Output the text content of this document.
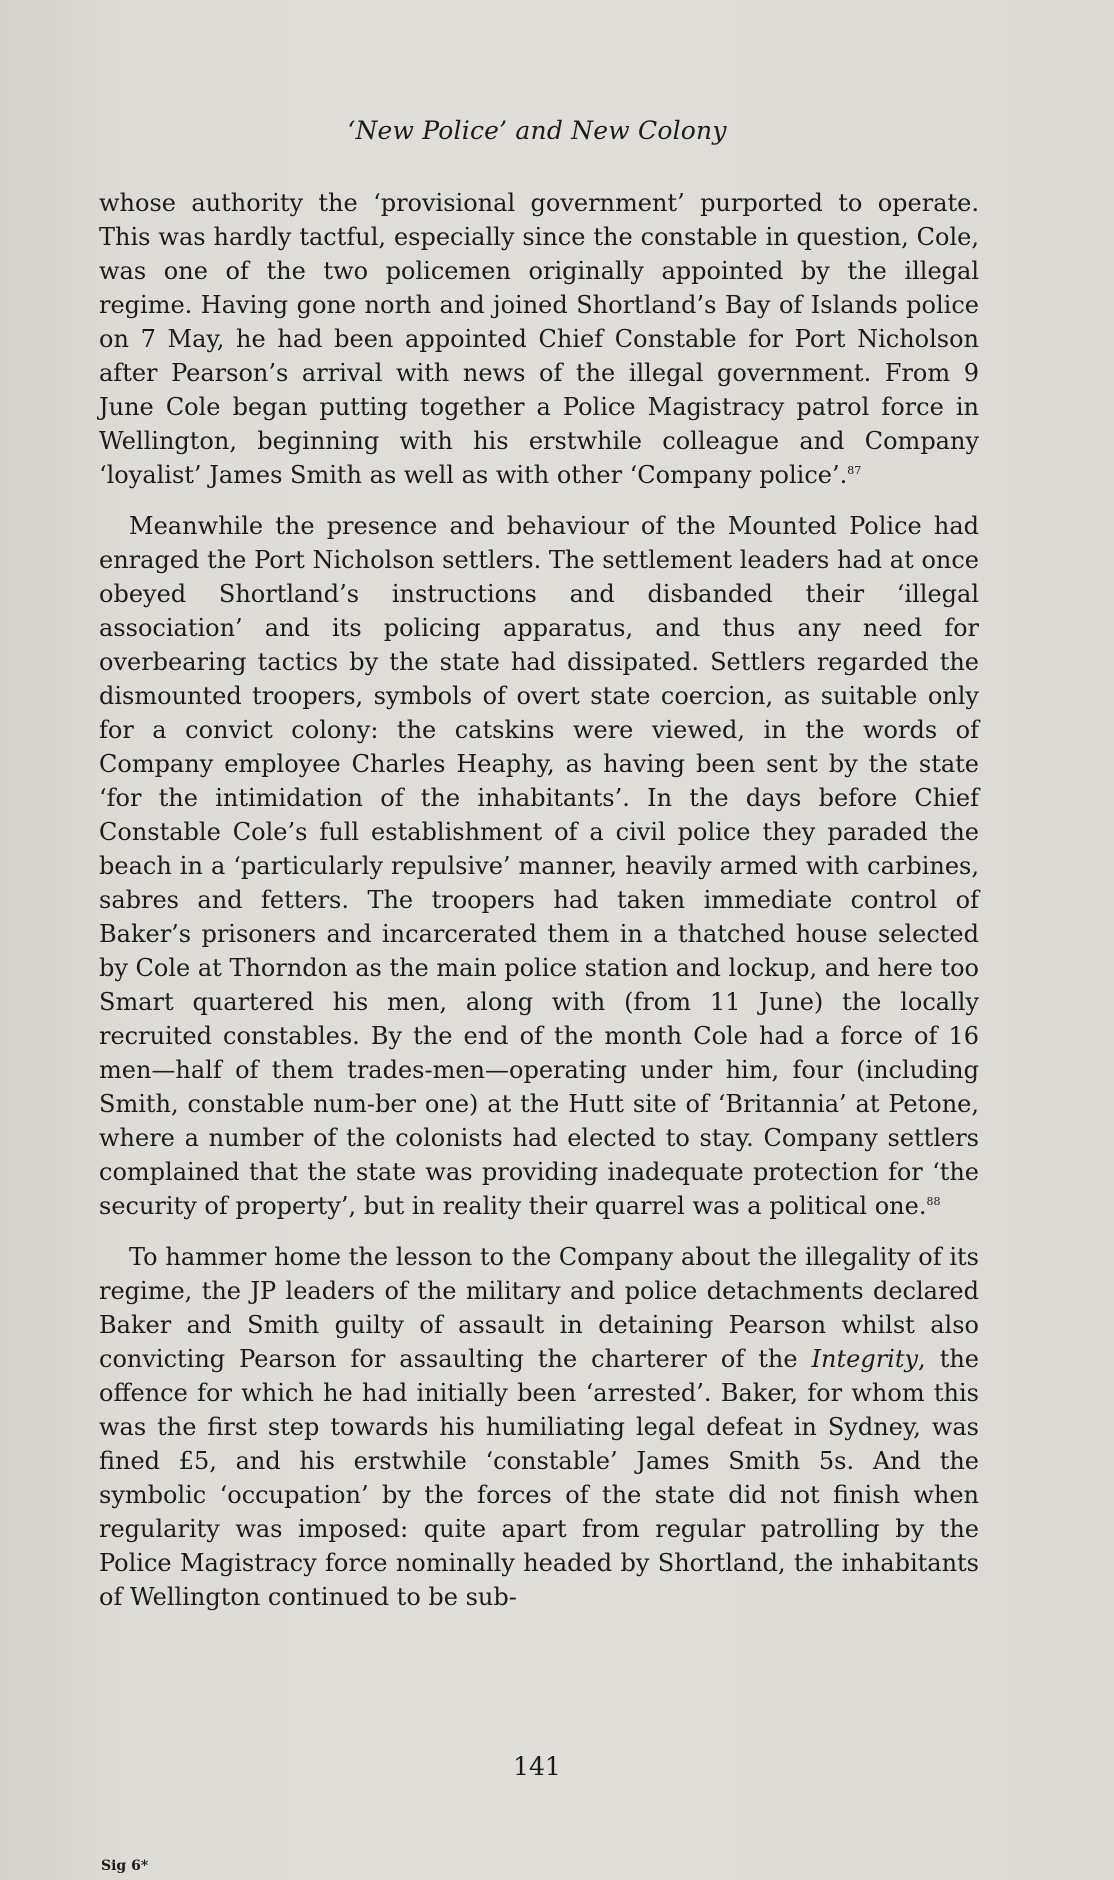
‘New Police’ and New Colony

whose authority the ‘provisional government’ purported to operate. This was hardly tactful, especially since the constable in question, Cole, was one of the two policemen originally appointed by the illegal regime. Having gone north and joined Shortland’s Bay of Islands police on 7 May, he had been appointed Chief Constable for Port Nicholson after Pearson’s arrival with news of the illegal government. From 9 June Cole began putting together a Police Magistracy patrol force in Wellington, beginning with his erstwhile colleague and Company ‘loyalist’ James Smith as well as with other ‘Company police’.$^{87}$

Meanwhile the presence and behaviour of the Mounted Police had enraged the Port Nicholson settlers. The settlement leaders had at once obeyed Shortland’s instructions and disbanded their ‘illegal association’ and its policing apparatus, and thus any need for overbearing tactics by the state had dissipated. Settlers regarded the dismounted troopers, symbols of overt state coercion, as suitable only for a convict colony: the catskins were viewed, in the words of Company employee Charles Heaphy, as having been sent by the state ‘for the intimidation of the inhabitants’. In the days before Chief Constable Cole’s full establishment of a civil police they paraded the beach in a ‘particularly repulsive’ manner, heavily armed with carbines, sabres and fetters. The troopers had taken immediate control of Baker’s prisoners and incarcerated them in a thatched house selected by Cole at Thorndon as the main police station and lockup, and here too Smart quartered his men, along with (from 11 June) the locally recruited constables. By the end of the month Cole had a force of 16 men—half of them trades-men—operating under him, four (including Smith, constable num-ber one) at the Hutt site of ‘Britannia’ at Petone, where a number of the colonists had elected to stay. Company settlers complained that the state was providing inadequate protection for ‘the security of property’, but in reality their quarrel was a political one.$^{88}$

To hammer home the lesson to the Company about the illegality of its regime, the JP leaders of the military and police detachments declared Baker and Smith guilty of assault in detaining Pearson whilst also convicting Pearson for assaulting the charterer of the Integrity, the offence for which he had initially been ‘arrested’. Baker, for whom this was the first step towards his humiliating legal defeat in Sydney, was fined £5, and his erstwhile ‘constable’ James Smith 5s. And the symbolic ‘occupation’ by the forces of the state did not finish when regularity was imposed: quite apart from regular patrolling by the Police Magistracy force nominally headed by Shortland, the inhabitants of Wellington continued to be sub-

141
Sig 6*
